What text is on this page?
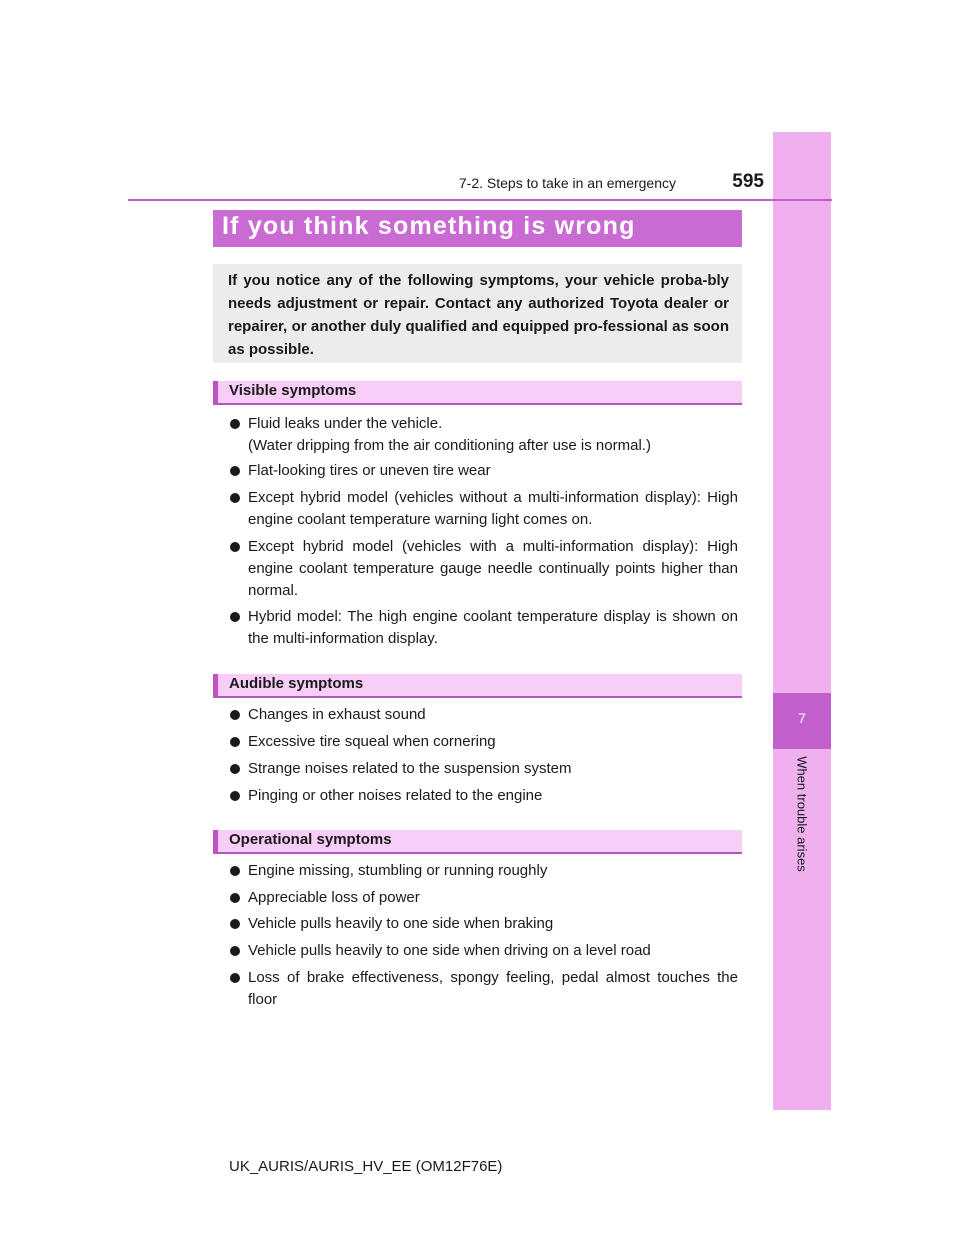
7
When trouble arises
7-2. Steps to take in an emergency	595
If you think something is wrong
If you notice any of the following symptoms, your vehicle proba-bly needs adjustment or repair. Contact any authorized Toyota dealer or repairer, or another duly qualified and equipped pro-fessional as soon as possible.
Visible symptoms
Fluid leaks under the vehicle.
(Water dripping from the air conditioning after use is normal.)
Flat-looking tires or uneven tire wear
Except hybrid model (vehicles without a multi-information display): High engine coolant temperature warning light comes on.
Except hybrid model (vehicles with a multi-information display): High engine coolant temperature gauge needle continually points higher than normal.
Hybrid model: The high engine coolant temperature display is shown on the multi-information display.
Audible symptoms
Changes in exhaust sound
Excessive tire squeal when cornering
Strange noises related to the suspension system
Pinging or other noises related to the engine
Operational symptoms
Engine missing, stumbling or running roughly
Appreciable loss of power
Vehicle pulls heavily to one side when braking
Vehicle pulls heavily to one side when driving on a level road
Loss of brake effectiveness, spongy feeling, pedal almost touches the floor
UK_AURIS/AURIS_HV_EE (OM12F76E)
